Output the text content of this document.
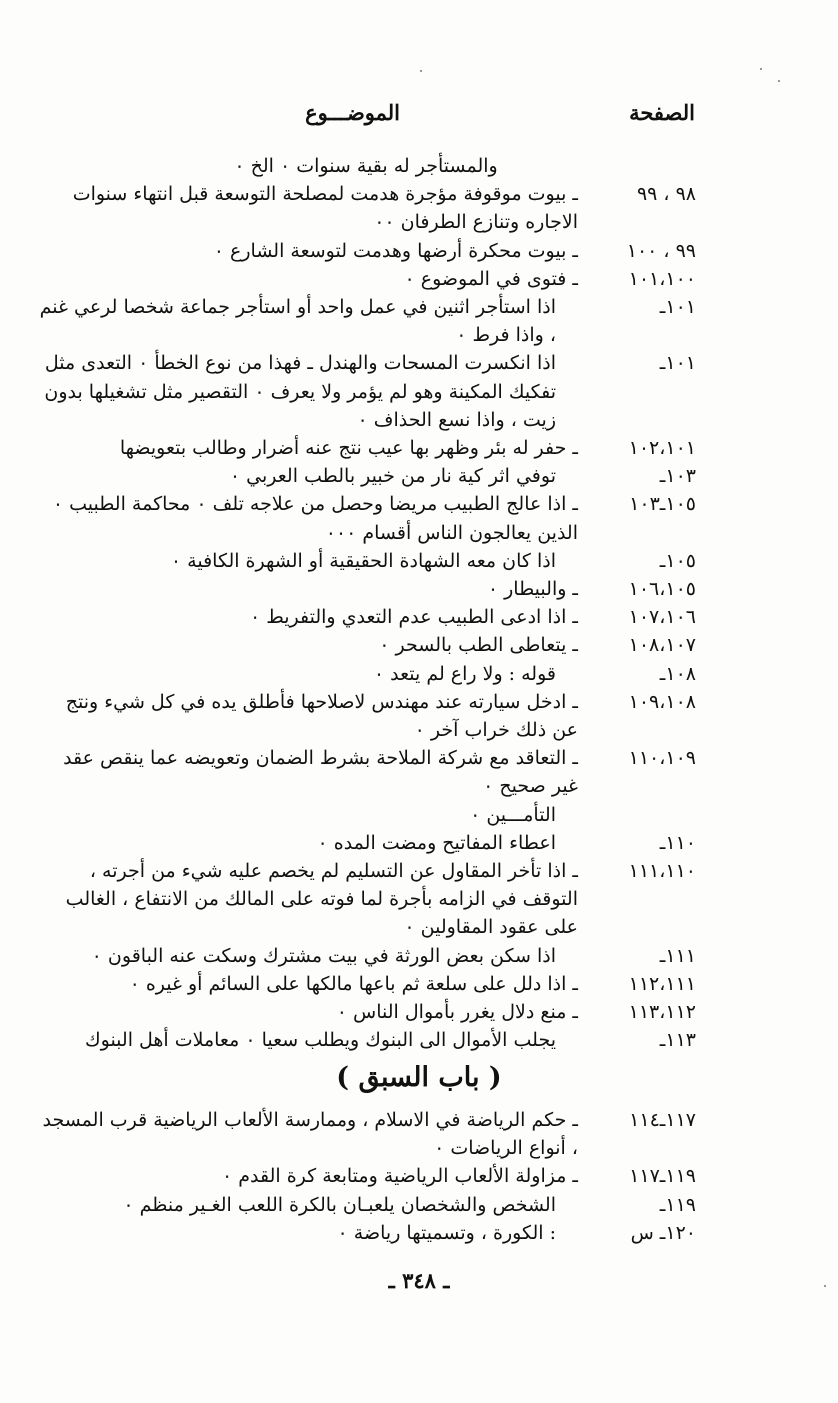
الصفحة
الموضـــوع
والمستأجر له بقية سنوات ٠ الخ ٠
٩٨ ، ٩٩
ـ بيوت موقوفة مؤجرة هدمت لمصلحة التوسعة قبل انتهاء سنوات الاجاره وتنازع الطرفان ٠٠
٩٩ ، ١٠٠
ـ بيوت محكرة أرضها وهدمت لتوسعة الشارع ٠
١٠١،١٠٠
ـ فتوى في الموضوع ٠
١٠١ـ
اذا استأجر اثنين في عمل واحد أو استأجر جماعة شخصا لرعي غنم ، واذا فرط ٠
١٠١ـ
اذا انكسرت المسحات والهندل ـ فهذا من نوع الخطأ ٠ التعدى مثل تفكيك المكينة وهو لم يؤمر ولا يعرف ٠ التقصير مثل تشغيلها بدون زيت ، واذا نسع الحذاف ٠
١٠٢،١٠١
ـ حفر له بئر وظهر بها عيب نتج عنه أضرار وطالب بتعويضها
١٠٣ـ
توفي اثر كية نار من خبير بالطب العربي ٠
١٠٥ـ١٠٣
ـ اذا عالج الطبيب مريضا وحصل من علاجه تلف ٠ محاكمة الطبيب ٠ الذين يعالجون الناس أقسام ٠٠٠
١٠٥ـ
اذا كان معه الشهادة الحقيقية أو الشهرة الكافية ٠
١٠٦،١٠٥
ـ والبيطار ٠
١٠٧،١٠٦
ـ اذا ادعى الطبيب عدم التعدي والتفريط ٠
١٠٨،١٠٧
ـ يتعاطى الطب بالسحر ٠
١٠٨ـ
قوله : ولا راع لم يتعد ٠
١٠٩،١٠٨
ـ ادخل سيارته عند مهندس لاصلاحها فأطلق يده في كل شيء ونتج عن ذلك خراب آخر ٠
١١٠،١٠٩
ـ التعاقد مع شركة الملاحة بشرط الضمان وتعويضه عما ينقص عقد غير صحيح ٠
التأمـــين ٠
١١٠ـ
اعطاء المفاتيح ومضت المده ٠
١١١،١١٠
ـ اذا تأخر المقاول عن التسليم لم يخصم عليه شيء من أجرته ، التوقف في الزامه بأجرة لما فوته على المالك من الانتفاع ، الغالب على عقود المقاولين ٠
١١١ـ
اذا سكن بعض الورثة في بيت مشترك وسكت عنه الباقون ٠
١١٢،١١١
ـ اذا دلل على سلعة ثم باعها مالكها على السائم أو غيره ٠
١١٣،١١٢
ـ منع دلال يغرر بأموال الناس ٠
١١٣ـ
يجلب الأموال الى البنوك ويطلب سعيا ٠ معاملات أهل البنوك
( باب السبق )
١١٧ـ١١٤
ـ حكم الرياضة في الاسلام ، وممارسة الألعاب الرياضية قرب المسجد ، أنواع الرياضات ٠
١١٩ـ١١٧
ـ مزاولة الألعاب الرياضية ومتابعة كرة القدم ٠
١١٩ـ
الشخص والشخصان يلعبـان بالكرة اللعب الغـير منظم ٠
١٢٠ـ س
: الكورة ، وتسميتها رياضة ٠
ـ ٣٤٨ ـ
